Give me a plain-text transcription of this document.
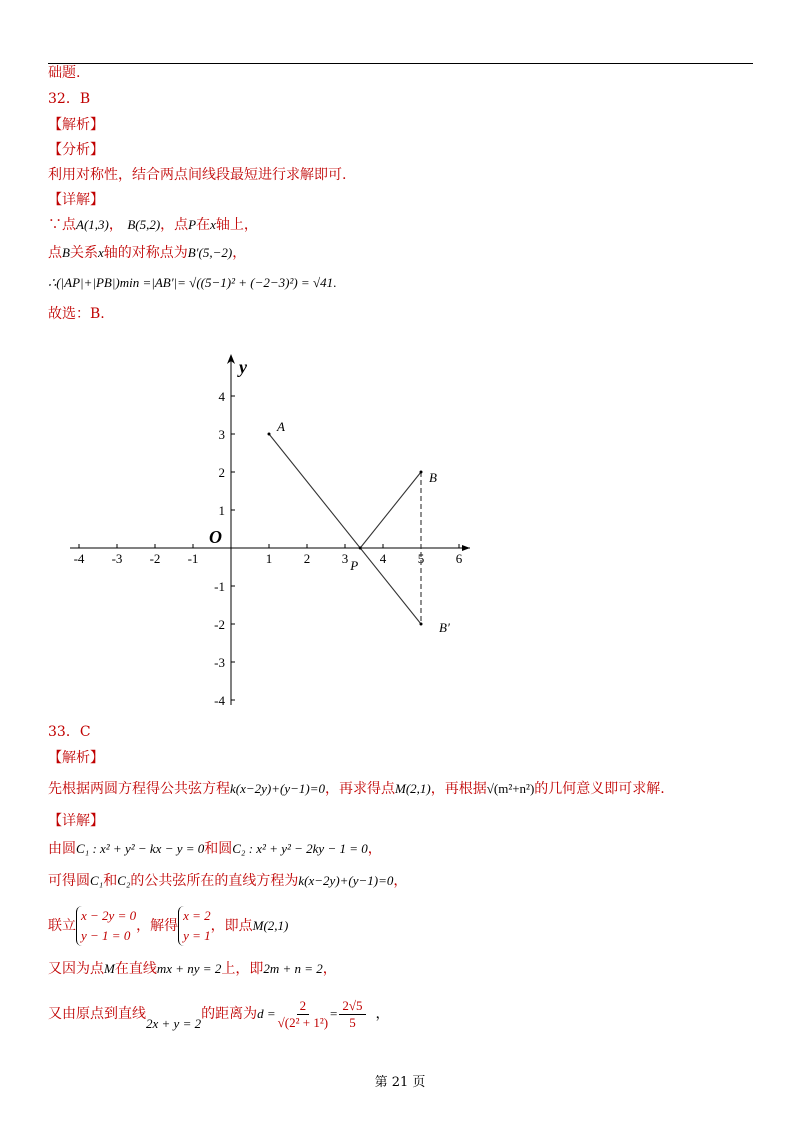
础题.
32．B
【解析】
【分析】
利用对称性，结合两点间线段最短进行求解即可.
【详解】
∵点A(1,3)， B(5,2)，点P在x轴上，
点B关系x轴的对称点为B′(5,−2)，
∴(|AP|+|PB|)min =|AB′|= √((5−1)² + (−2−3)²) = √41.
故选：B.
y
O
-4 -3 -2 -1	1 2 3 4 5 6
4
3
2
1
-1
-2
-3
-4
A
B
P
B′
33．C
【解析】
先根据两圆方程得公共弦方程k(x−2y)+(y−1)=0，再求得点M(2,1)，再根据√(m²+n²)的几何意义即可求解.
【详解】
由圆C₁ : x² + y² − kx − y = 0和圆C₂ : x² + y² − 2ky − 1 = 0，
可得圆C₁和C₂的公共弦所在的直线方程为k(x−2y)+(y−1)=0，
联立
x − 2y = 0
y − 1 = 0
，解得
x = 2
y = 1
，即点M(2,1)
又因为点M在直线mx + ny = 2上，即2m + n = 2，
又由原点到直线2x + y = 2的距离为$d = \frac{2}{\text{√(2² + 1²)}} = \frac{2√5}{5}$ ，
第 21 页
